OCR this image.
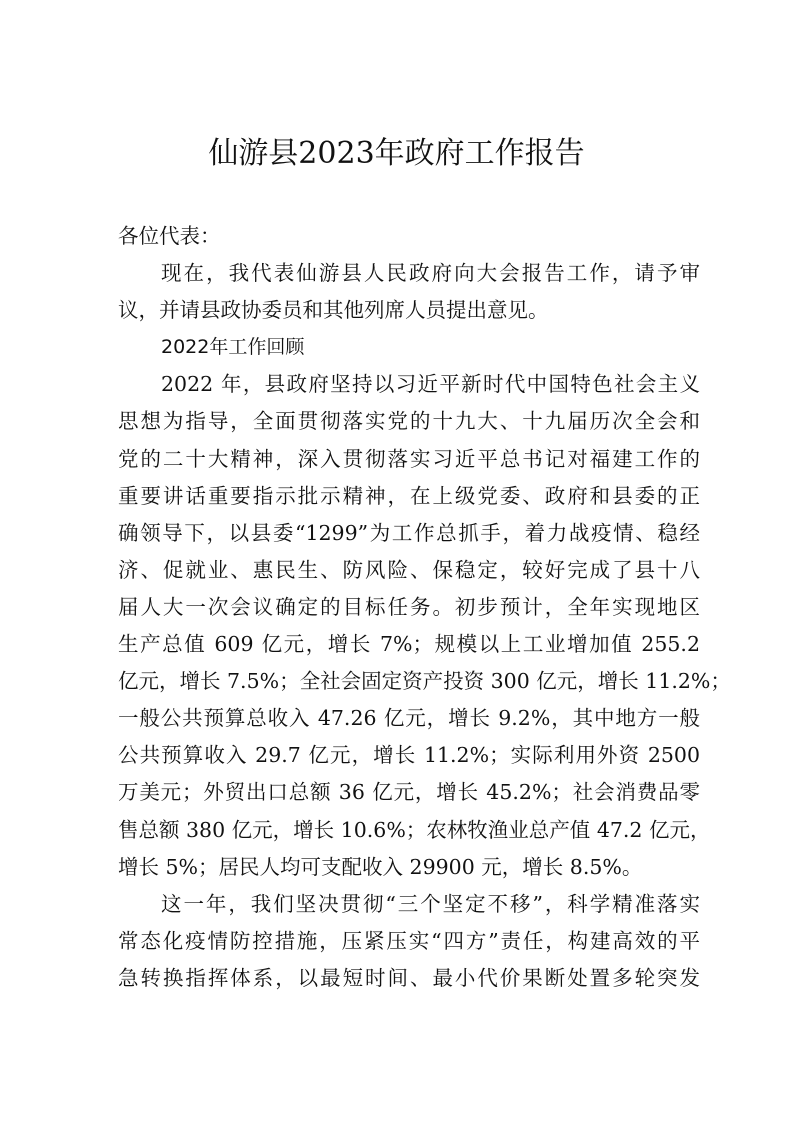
仙游县2023年政府工作报告
各位代表：
现在，我代表仙游县人民政府向大会报告工作，请予审
议，并请县政协委员和其他列席人员提出意见。
2022年工作回顾
2022 年，县政府坚持以习近平新时代中国特色社会主义
思想为指导，全面贯彻落实党的十九大、十九届历次全会和
党的二十大精神，深入贯彻落实习近平总书记对福建工作的
重要讲话重要指示批示精神，在上级党委、政府和县委的正
确领导下，以县委“1299”为工作总抓手，着力战疫情、稳经
济、促就业、惠民生、防风险、保稳定，较好完成了县十八
届人大一次会议确定的目标任务。初步预计，全年实现地区
生产总值 609 亿元，增长 7%；规模以上工业增加值 255.2
亿元，增长 7.5%；全社会固定资产投资 300 亿元，增长 11.2%；
一般公共预算总收入 47.26 亿元，增长 9.2%，其中地方一般
公共预算收入 29.7 亿元，增长 11.2%；实际利用外资 2500
万美元；外贸出口总额 36 亿元，增长 45.2%；社会消费品零
售总额 380 亿元，增长 10.6%；农林牧渔业总产值 47.2 亿元，
增长 5%；居民人均可支配收入 29900 元，增长 8.5%。
这一年，我们坚决贯彻“三个坚定不移”，科学精准落实
常态化疫情防控措施，压紧压实“四方”责任，构建高效的平
急转换指挥体系，以最短时间、最小代价果断处置多轮突发
